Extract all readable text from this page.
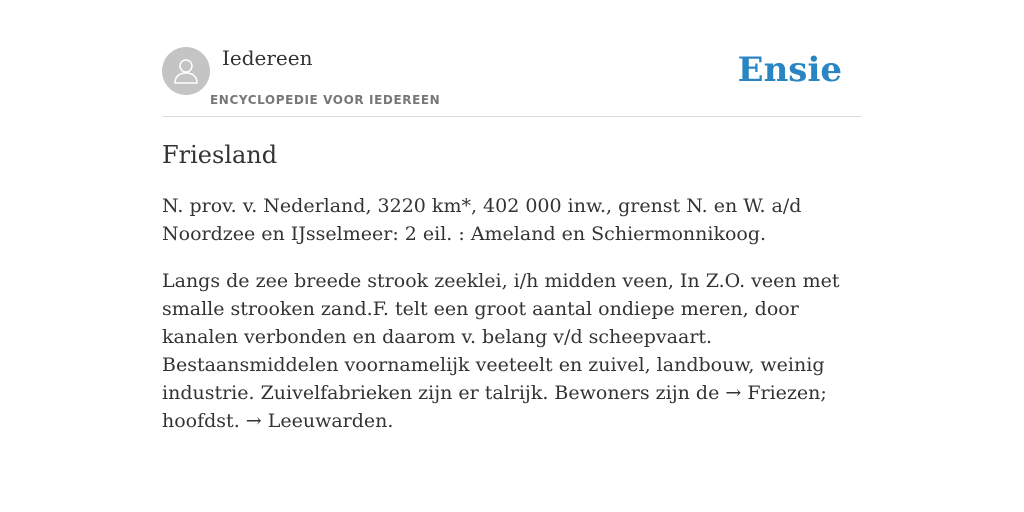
Iedereen
ENCYCLOPEDIE VOOR IEDEREEN
Ensie
Friesland

N. prov. v. Nederland, 3220 km*, 402 000 inw., grenst N. en W. a/d Noordzee en IJsselmeer: 2 eil. : Ameland en Schiermonnikoog.

Langs de zee breede strook zeeklei, i/h midden veen, In Z.O. veen met smalle strooken zand.F. telt een groot aantal ondiepe meren, door kanalen verbonden en daarom v. belang v/d scheepvaart. Bestaansmiddelen voornamelijk veeteelt en zuivel, landbouw, weinig industrie. Zuivelfabrieken zijn er talrijk. Bewoners zijn de → Friezen; hoofdst. → Leeuwarden.
